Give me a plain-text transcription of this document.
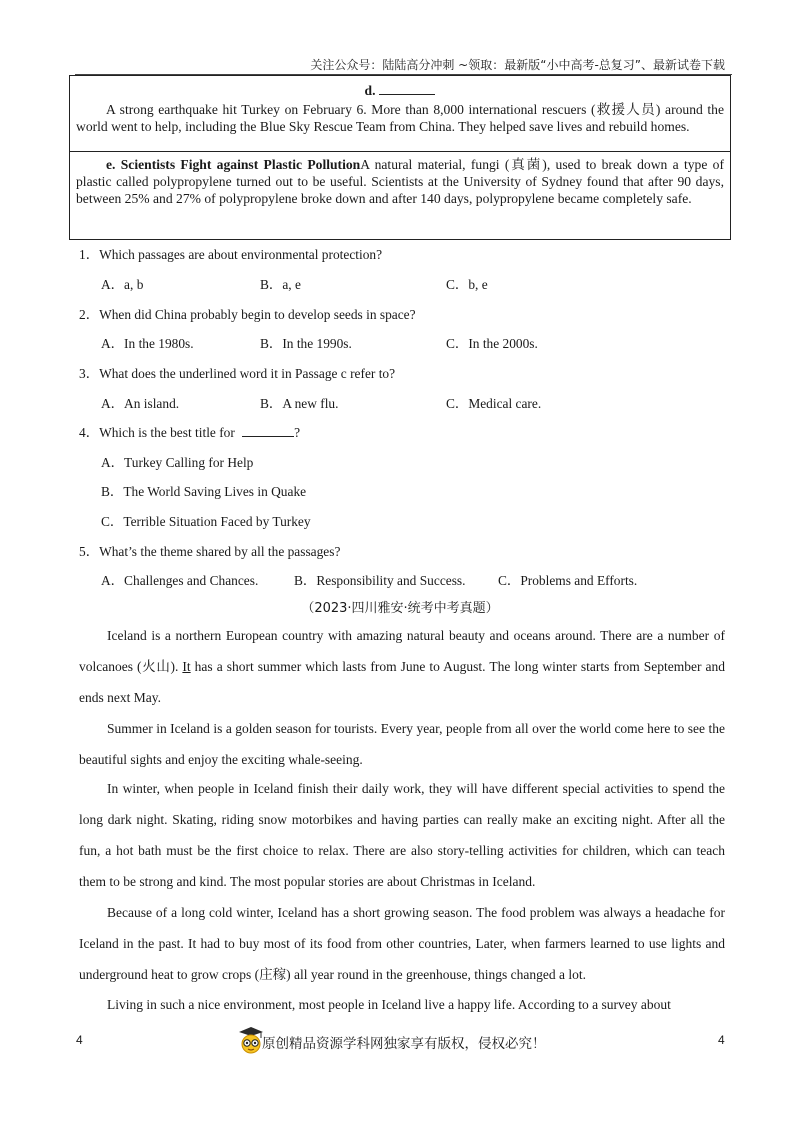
关注公众号：陆陆高分冲刺 ~领取：最新版“小中高考-总复习”、最新试卷下载
d.

A strong earthquake hit Turkey on February 6. More than 8,000 international rescuers (救援人员) around the world went to help, including the Blue Sky Rescue Team from China. They helped save lives and rebuild homes.

e. Scientists Fight against Plastic PollutionA natural material, fungi (真菌), used to break down a type of plastic called polypropylene turned out to be useful. Scientists at the University of Sydney found that after 90 days, between 25% and 27% of polypropylene broke down and after 140 days, polypropylene became completely safe.

1．Which passages are about environmental protection?
A．a, b	B．a, e	C．b, e
2．When did China probably begin to develop seeds in space?
A．In the 1980s.	B．In the 1990s.	C．In the 2000s.
3．What does the underlined word it in Passage c refer to?
A．An island.	B．A new flu.	C．Medical care.
4．Which is the best title for	?
A．Turkey Calling for Help
B．The World Saving Lives in Quake
C．Terrible Situation Faced by Turkey
5．What’s the theme shared by all the passages?
A．Challenges and Chances.	B．Responsibility and Success. C．Problems and Efforts.
（2023·四川雅安·统考中考真题）

Iceland is a northern European country with amazing natural beauty and oceans around. There are a number of volcanoes (火山). It has a short summer which lasts from June to August. The long winter starts from September and ends next May.

Summer in Iceland is a golden season for tourists. Every year, people from all over the world come here to see the beautiful sights and enjoy the exciting whale-seeing.

In winter, when people in Iceland finish their daily work, they will have different special activities to spend the long dark night. Skating, riding snow motorbikes and having parties can really make an exciting night. After all the fun, a hot bath must be the first choice to relax. There are also story-telling activities for children, which can teach them to be strong and kind. The most popular stories are about Christmas in Iceland.

Because of a long cold winter, Iceland has a short growing season. The food problem was always a headache for Iceland in the past. It had to buy most of its food from other countries, Later, when farmers learned to use lights and underground heat to grow crops (庄稼) all year round in the greenhouse, things changed a lot.

Living in such a nice environment, most people in Iceland live a happy life. According to a survey about

4	4
原创精品资源学科网独家享有版权，侵权必究！
